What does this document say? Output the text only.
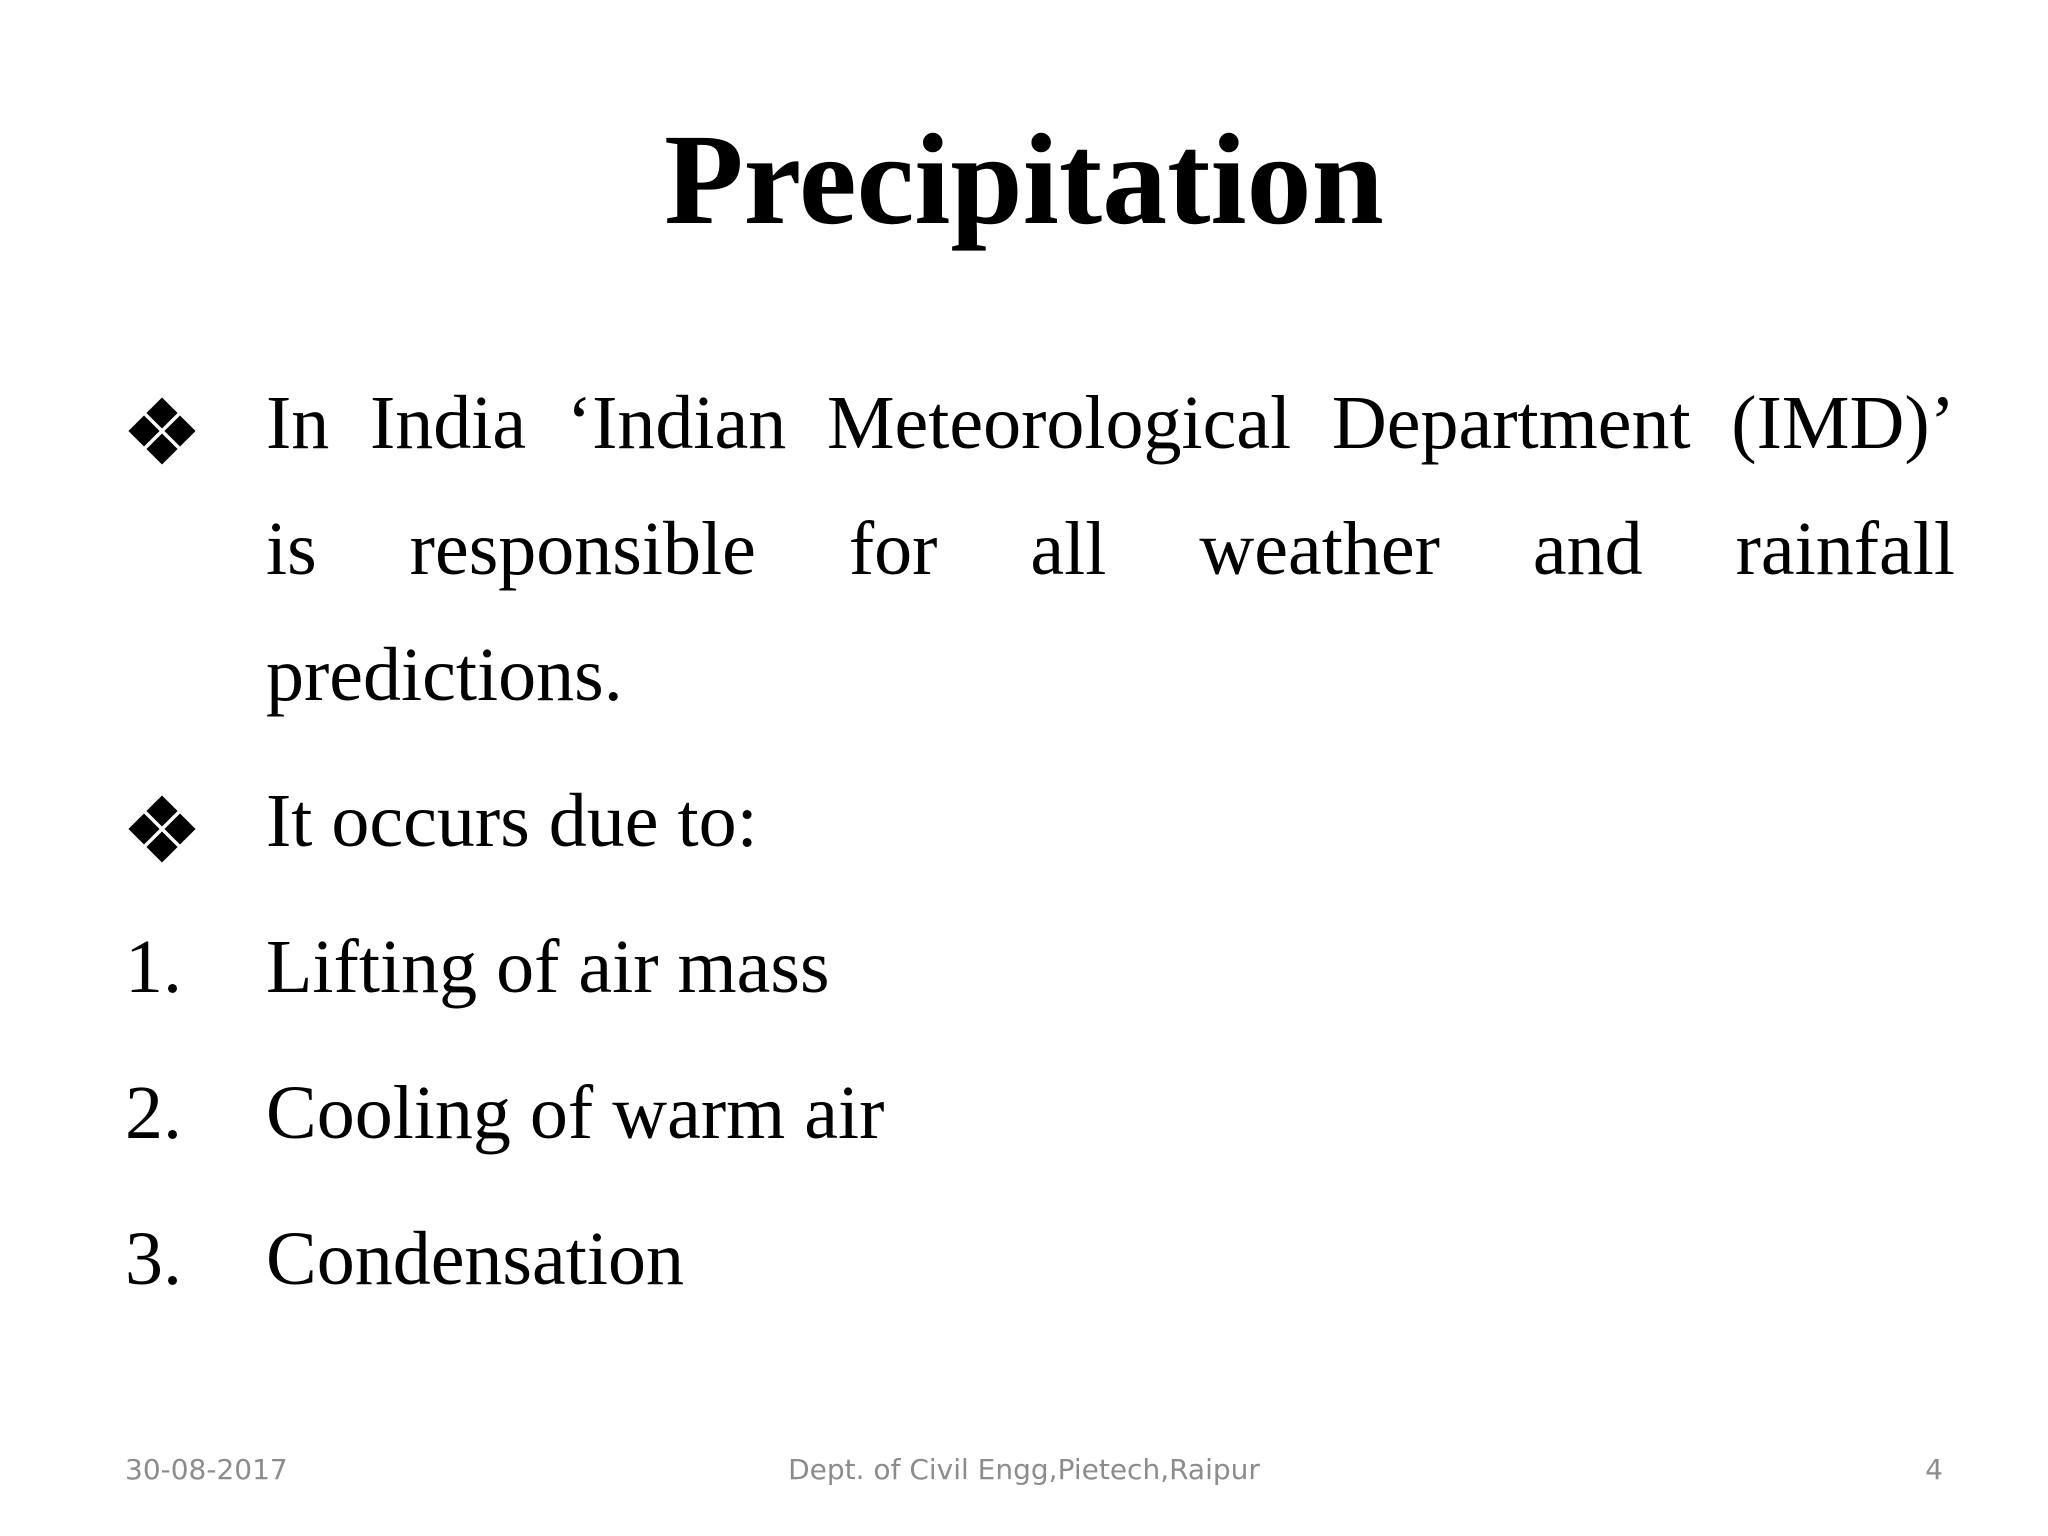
Precipitation
In India ‘Indian Meteorological Department (IMD)’
is responsible for all weather and rainfall
predictions.
It occurs due to:
1.	Lifting of air mass
2.	Cooling of warm air
3.	Condensation
30-08-2017	Dept. of Civil Engg,Pietech,Raipur	4
